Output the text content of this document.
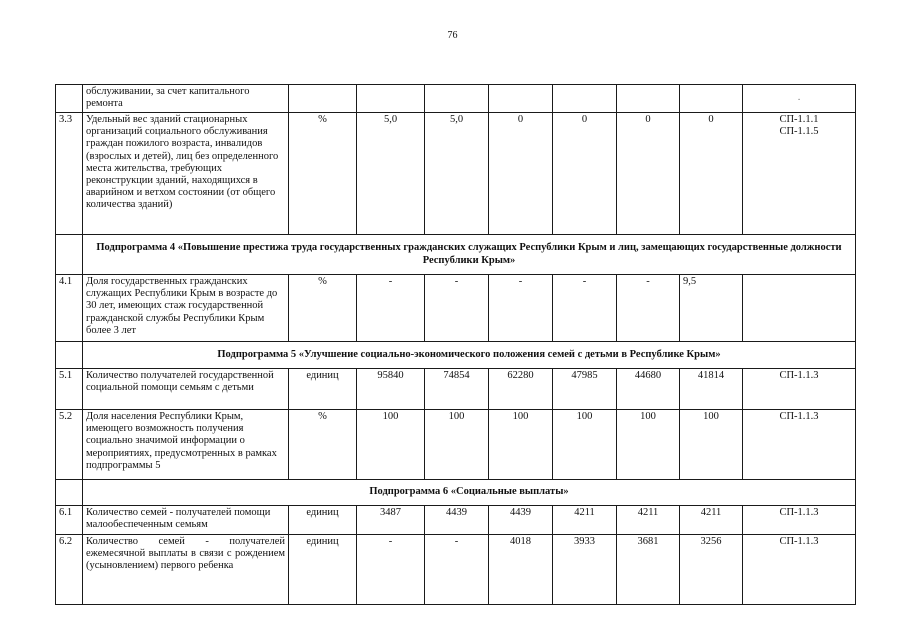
76
	обслуживании, за счет капитального ремонта								.
3.3	Удельный вес зданий стационарных организаций социального обслуживания граждан пожилого возраста, инвалидов (взрослых и детей), лиц без определенного места жительства, требующих реконструкции зданий, находящихся в аварийном и ветхом состоянии (от общего количества зданий)	%	5,0	5,0	0	0	0	0	СП-1.1.1
СП-1.1.5
	Подпрограмма 4 «Повышение престижа труда государственных гражданских служащих Республики Крым и лиц, замещающих государственные должности Республики Крым»								
4.1	Доля государственных гражданских служащих Республики Крым в возрасте до 30 лет, имеющих стаж государственной гражданской службы Республики Крым более 3 лет	%	-	-	-	-	-	9,5	
	Подпрограмма 5 «Улучшение социально-экономического положения семей с детьми в Республике Крым»								
5.1	Количество получателей государственной социальной помощи семьям с детьми	единиц	95840	74854	62280	47985	44680	41814	СП-1.1.3
5.2	Доля населения Республики Крым, имеющего возможность получения социально значимой информации о мероприятиях, предусмотренных в рамках подпрограммы 5	%	100	100	100	100	100	100	СП-1.1.3
	Подпрограмма 6 «Социальные выплаты»								
6.1	Количество семей - получателей помощи малообеспеченным семьям	единиц	3487	4439	4439	4211	4211	4211	СП-1.1.3
6.2	Количество семей - получателей ежемесячной выплаты в связи с рождением (усыновлением) первого ребенка	единиц	-	-	4018	3933	3681	3256	СП-1.1.3
